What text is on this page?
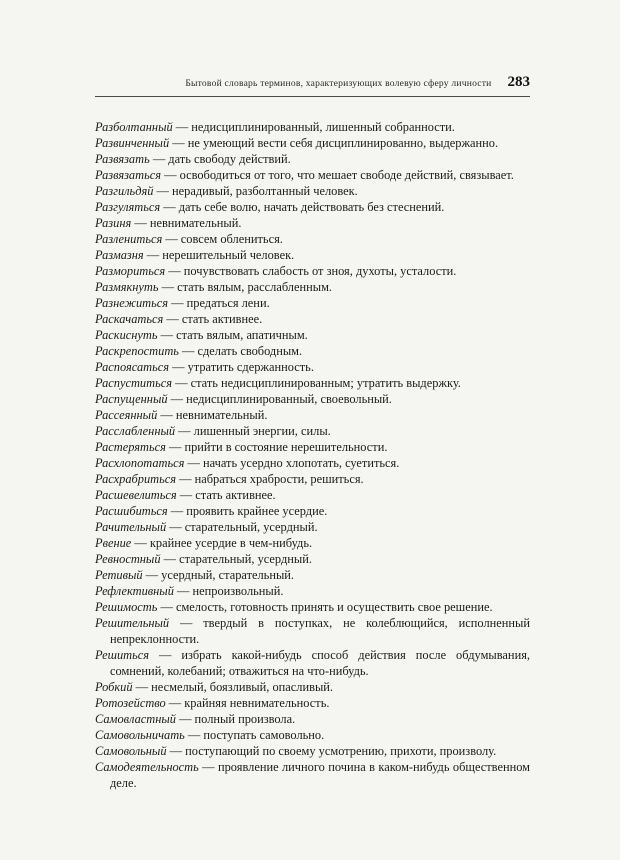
Бытовой словарь терминов, характеризующих волевую сферу личности 283

Разболтанный — недисциплинированный, лишенный собранности.

Развинченный — не умеющий вести себя дисциплинированно, выдержанно.

Развязать — дать свободу действий.

Развязаться — освободиться от того, что мешает свободе действий, связывает.

Разгильдяй — нерадивый, разболтанный человек.

Разгуляться — дать себе волю, начать действовать без стеснений.

Разиня — невнимательный.

Разлениться — совсем облениться.

Размазня — нерешительный человек.

Размориться — почувствовать слабость от зноя, духоты, усталости.

Размякнуть — стать вялым, расслабленным.

Разнежиться — предаться лени.

Раскачаться — стать активнее.

Раскиснуть — стать вялым, апатичным.

Раскрепостить — сделать свободным.

Распоясаться — утратить сдержанность.

Распуститься — стать недисциплинированным; утратить выдержку.

Распущенный — недисциплинированный, своевольный.

Рассеянный — невнимательный.

Расслабленный — лишенный энергии, силы.

Растеряться — прийти в состояние нерешительности.

Расхлопотаться — начать усердно хлопотать, суетиться.

Расхрабриться — набраться храбрости, решиться.

Расшевелиться — стать активнее.

Расшибиться — проявить крайнее усердие.

Рачительный — старательный, усердный.

Рвение — крайнее усердие в чем-нибудь.

Ревностный — старательный, усердный.

Ретивый — усердный, старательный.

Рефлективный — непроизвольный.

Решимость — смелость, готовность принять и осуществить свое решение.

Решительный — твердый в поступках, не колеблющийся, исполненный непреклонности.

Решиться — избрать какой-нибудь способ действия после обдумывания, сомнений, колебаний; отважиться на что-нибудь.

Робкий — несмелый, боязливый, опасливый.

Ротозейство — крайняя невнимательность.

Самовластный — полный произвола.

Самовольничать — поступать самовольно.

Самовольный — поступающий по своему усмотрению, прихоти, произволу.

Самодеятельность — проявление личного почина в каком-нибудь общественном деле.
